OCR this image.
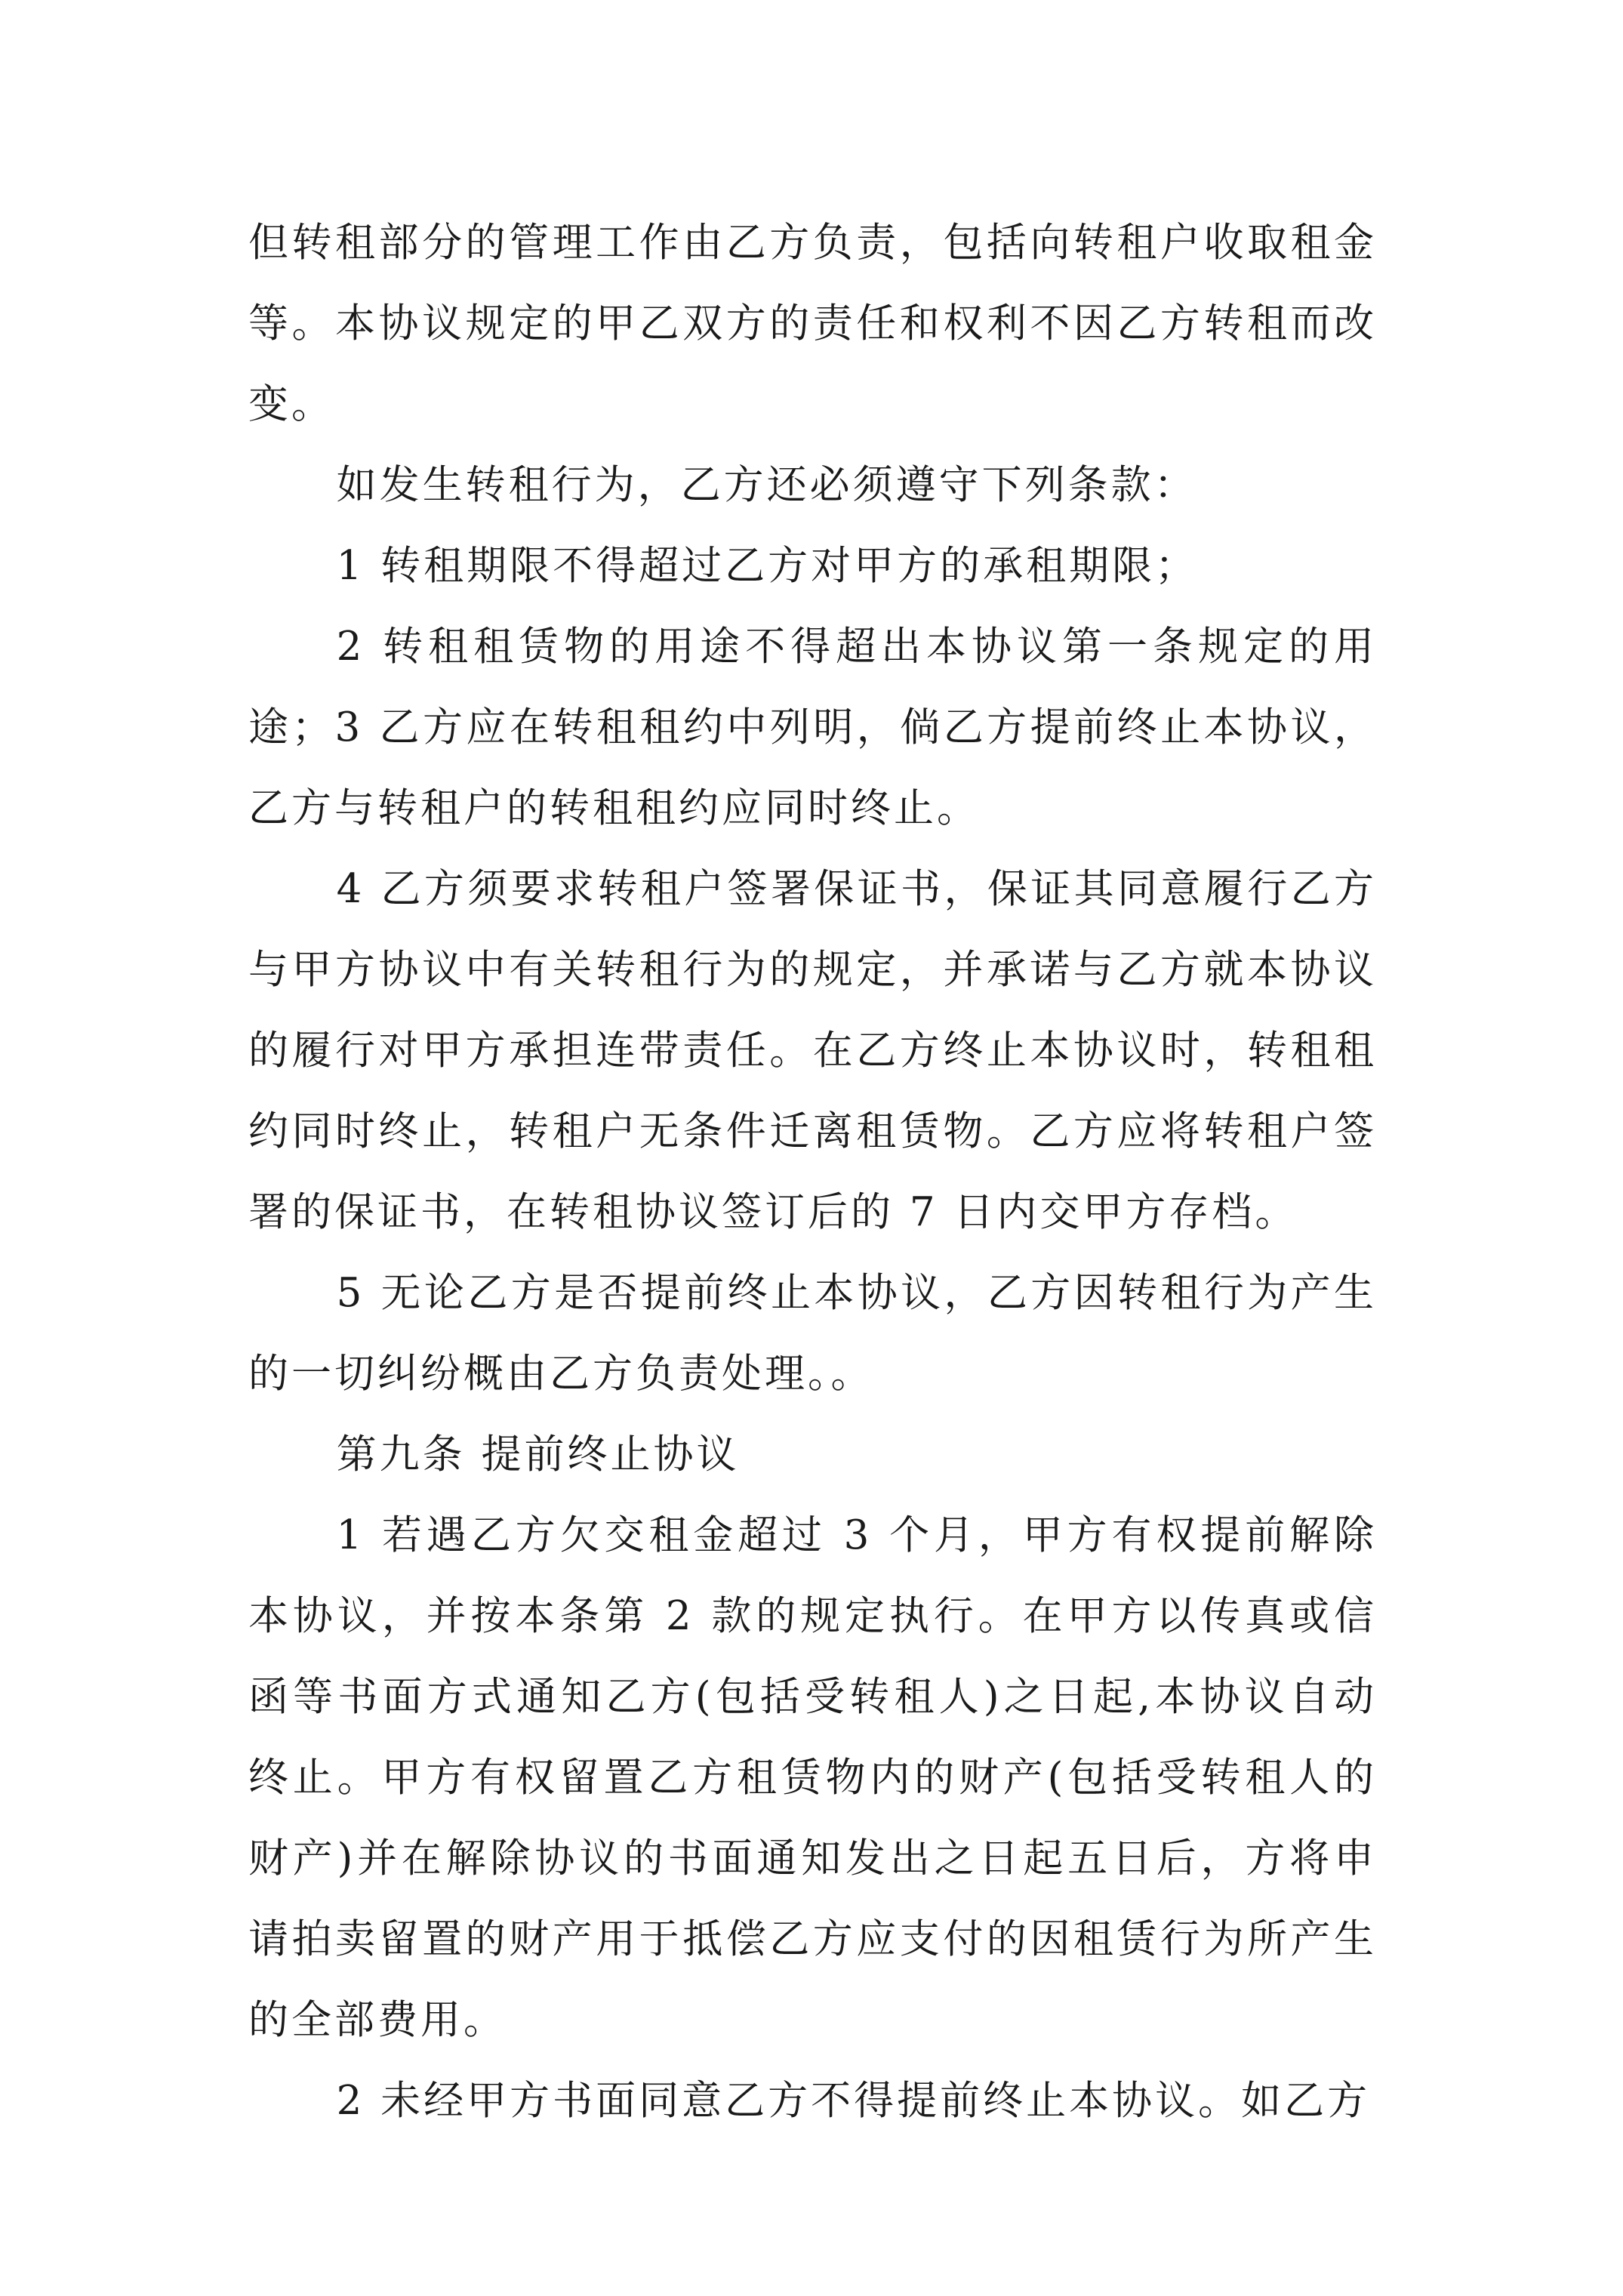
但转租部分的管理工作由乙方负责，包括向转租户收取租金等。本协议规定的甲乙双方的责任和权利不因乙方转租而改变。

如发生转租行为，乙方还必须遵守下列条款：

1 转租期限不得超过乙方对甲方的承租期限；

2 转租租赁物的用途不得超出本协议第一条规定的用途；3 乙方应在转租租约中列明，倘乙方提前终止本协议，乙方与转租户的转租租约应同时终止。

4 乙方须要求转租户签署保证书，保证其同意履行乙方与甲方协议中有关转租行为的规定，并承诺与乙方就本协议的履行对甲方承担连带责任。在乙方终止本协议时，转租租约同时终止，转租户无条件迁离租赁物。乙方应将转租户签署的保证书，在转租协议签订后的 7 日内交甲方存档。

5 无论乙方是否提前终止本协议，乙方因转租行为产生的一切纠纷概由乙方负责处理。。

第九条 提前终止协议

1 若遇乙方欠交租金超过 3 个月，甲方有权提前解除本协议，并按本条第 2 款的规定执行。在甲方以传真或信函等书面方式通知乙方(包括受转租人)之日起,本协议自动终止。甲方有权留置乙方租赁物内的财产(包括受转租人的财产)并在解除协议的书面通知发出之日起五日后，方将申请拍卖留置的财产用于抵偿乙方应支付的因租赁行为所产生的全部费用。

2 未经甲方书面同意乙方不得提前终止本协议。如乙方
